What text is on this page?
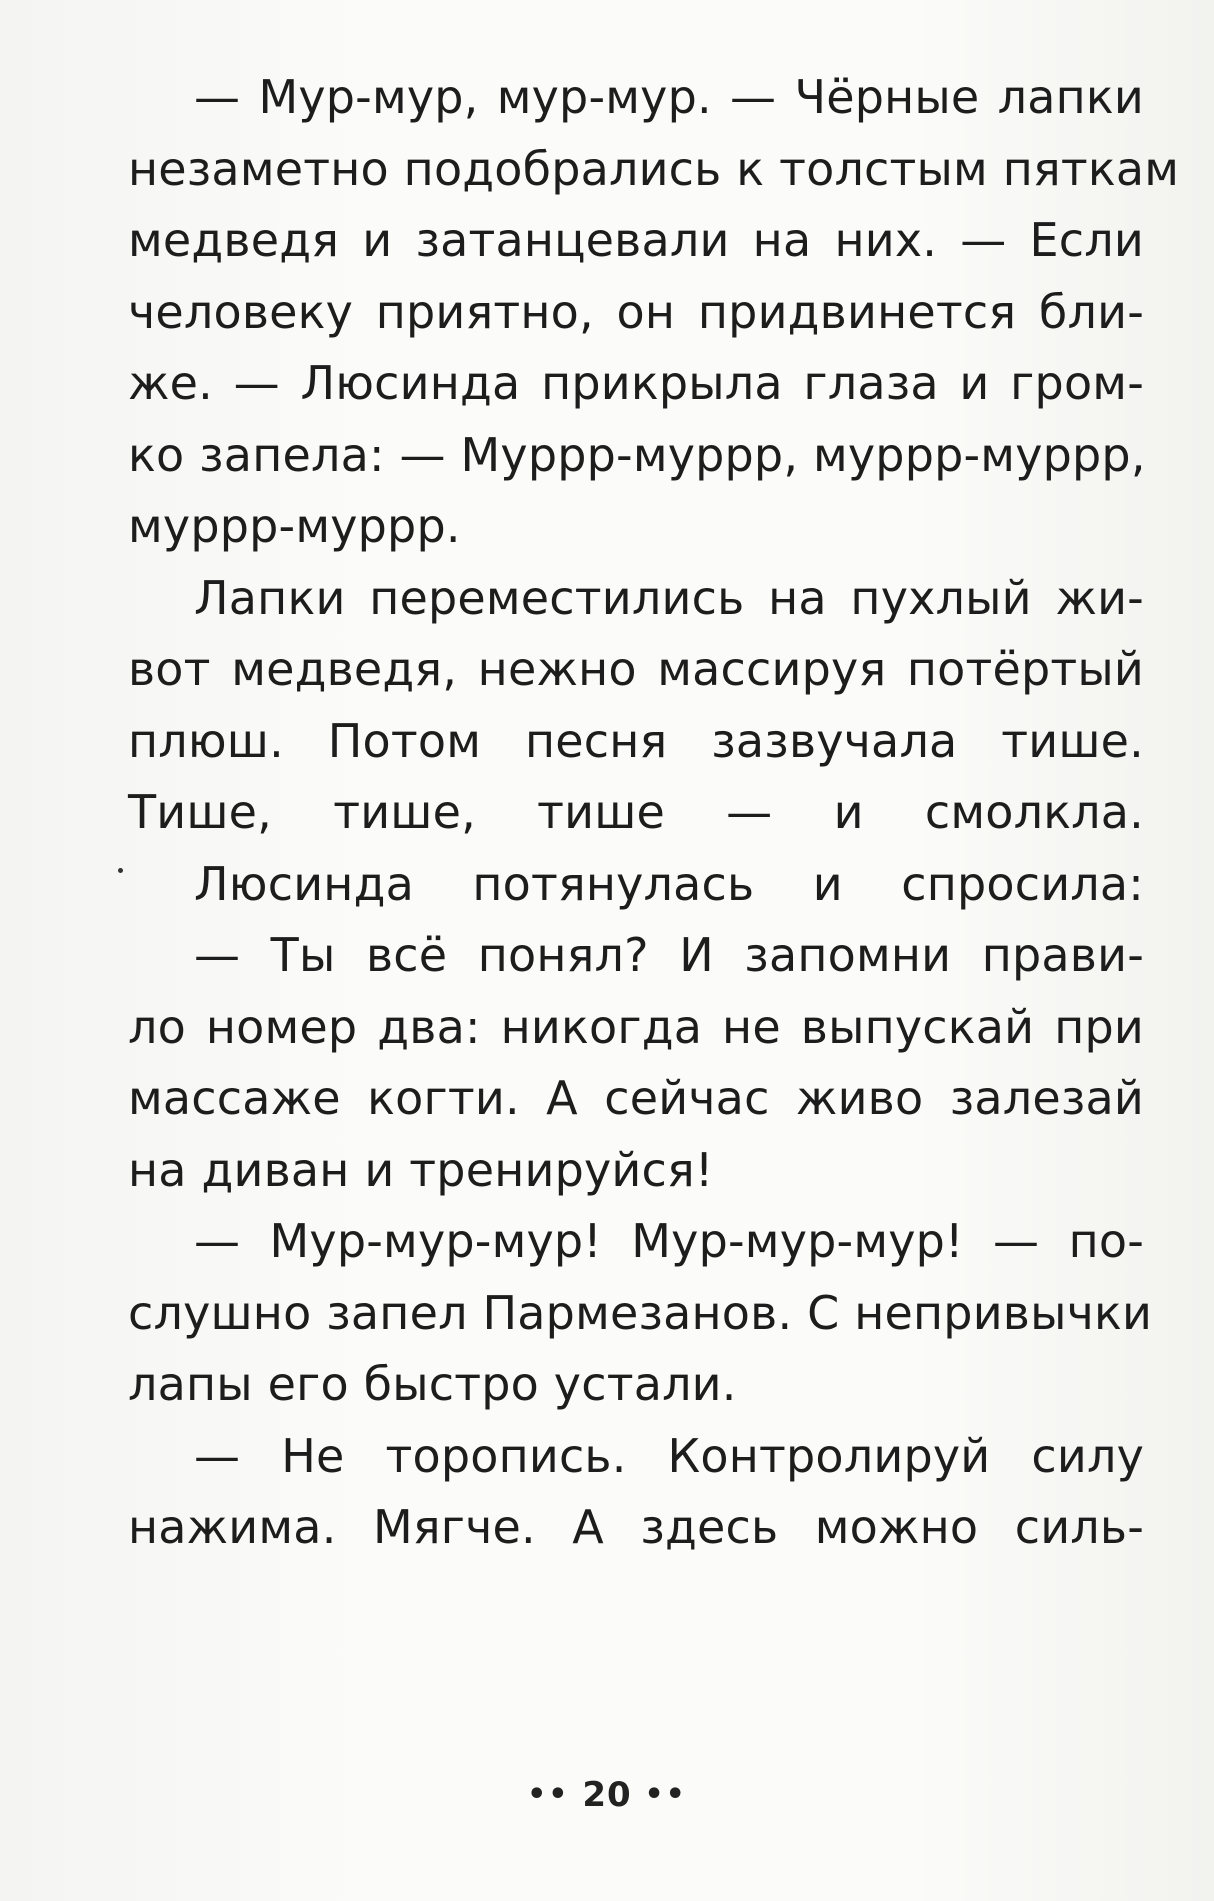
— Мур-мур, мур-мур. — Чёрные лапки
незаметно подобрались к толстым пяткам
медведя и затанцевали на них. — Если
человеку приятно, он придвинется бли-
же. — Люсинда прикрыла глаза и гром-
ко запела: — Муррр-муррр, муррр-муррр,
муррр-муррр.
Лапки переместились на пухлый жи-
вот медведя, нежно массируя потёртый
плюш. Потом песня зазвучала тише.
Тише, тише, тише — и смолкла.
Люсинда потянулась и спросила:
— Ты всё понял? И запомни прави-
ло номер два: никогда не выпускай при
массаже когти. А сейчас живо залезай
на диван и тренируйся!
— Мур-мур-мур! Мур-мур-мур! — по-
слушно запел Пармезанов. С непривычки
лапы его быстро устали.
— Не торопись. Контролируй силу
нажима. Мягче. А здесь можно силь-
•• 20 ••
